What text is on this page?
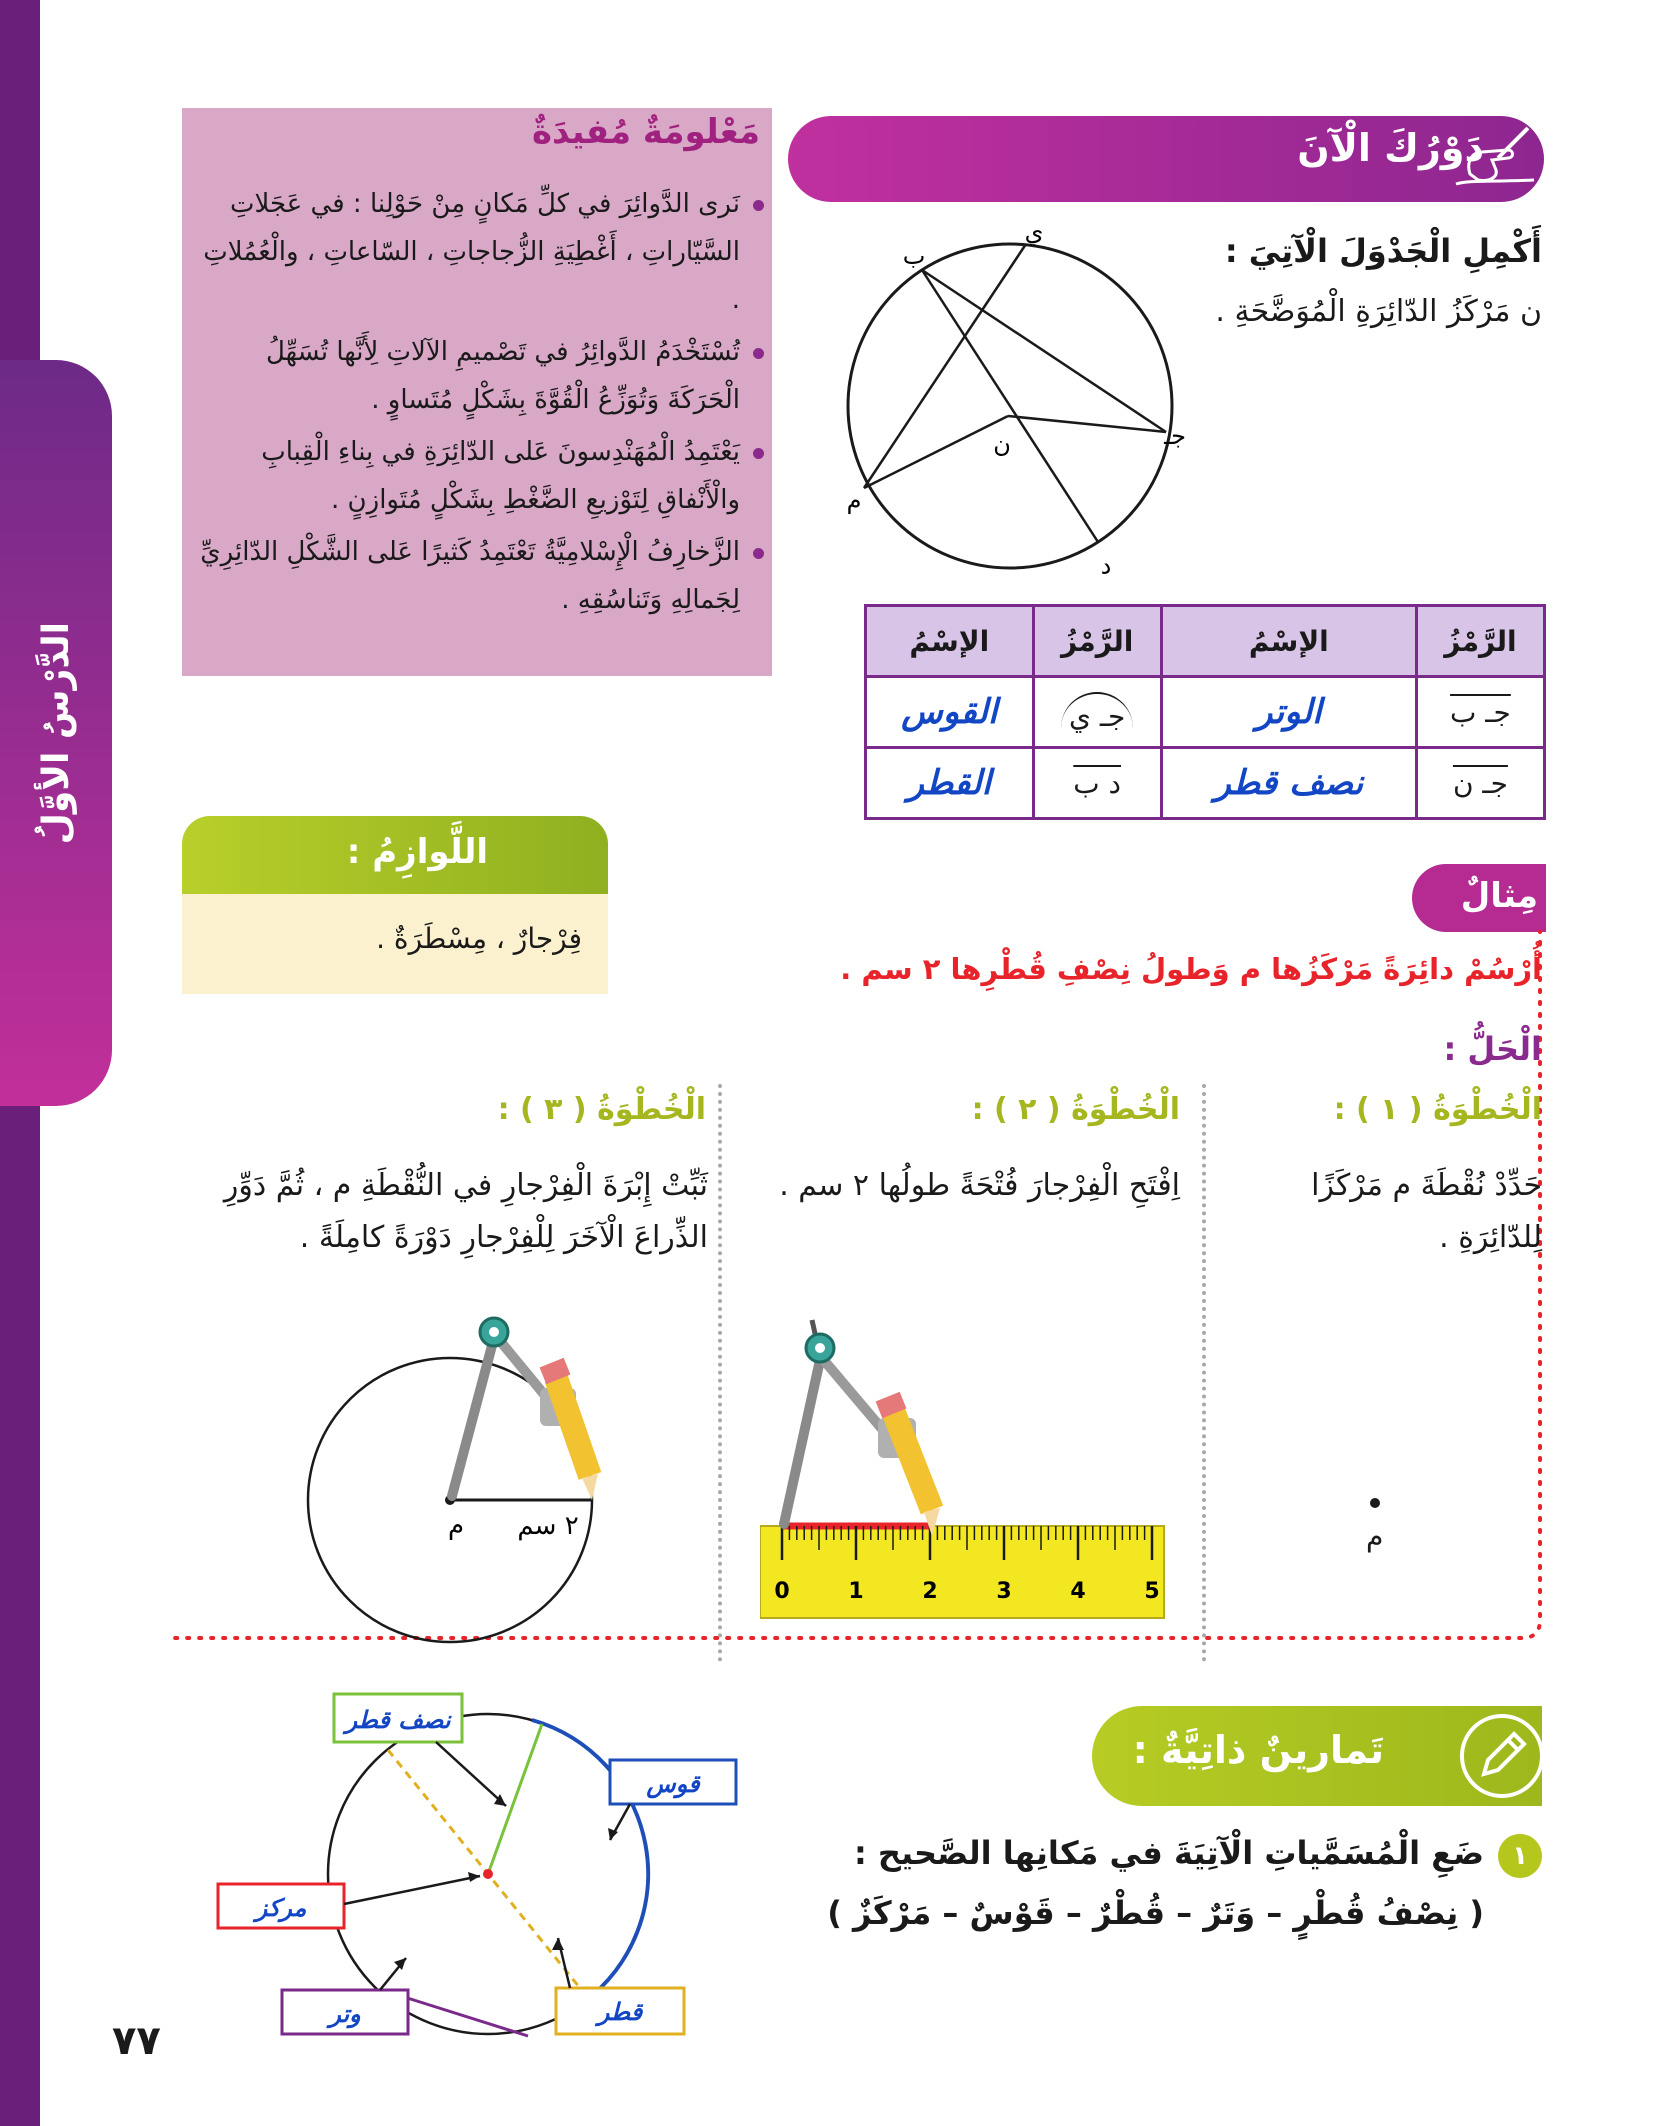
الدَّرْسُ الأوَّلُ
مَعْلومَةٌ مُفيدَةٌ
نَرى الدَّوائِرَ في كلِّ مَكانٍ مِنْ حَوْلِنا : في عَجَلاتِ السَّيّاراتِ ، أَغْطِيَةِ الزُّجاجاتِ ، السّاعاتِ ، والْعُمُلاتِ .
تُسْتَخْدَمُ الدَّوائِرُ في تَصْميمِ الآلاتِ لِأَنَّها تُسَهِّلُ الْحَرَكَةَ وَتُوَزِّعُ الْقُوَّةَ بِشَكْلٍ مُتَساوٍ .
يَعْتَمِدُ الْمُهَنْدِسونَ عَلى الدّائِرَةِ في بِناءِ الْقِبابِ والْأَنْفاقِ لِتَوْزيعِ الضَّغْطِ بِشَكْلٍ مُتَوازِنٍ .
الزَّخارِفُ الْإِسْلامِيَّةُ تَعْتَمِدُ كَثيرًا عَلى الشَّكْلِ الدّائِرِيِّ لِجَمالِهِ وَتَناسُقِهِ .
دَوْرُكَ الْآنَ
أَكْمِلِ الْجَدْوَلَ الْآتِيَ :
ن مَرْكَزُ الدّائِرَةِ الْمُوَضَّحَةِ .
ب
ي
جـ
ن
م
د
الرَّمْزُ	الإسْمُ	الرَّمْزُ	الإسْمُ
جـ ب	الوتر	جـ ي	القوس
جـ ن	نصف قطر	د ب	القطر
اللَّوازِمُ :
فِرْجارٌ ، مِسْطَرَةٌ .
مِثالٌ
أُرْسُمْ دائِرَةً مَرْكَزُها م وَطولُ نِصْفِ قُطْرِها ٢ سم .
الْحَلُّ :
الْخُطْوَةُ ( ١ ) :
حَدِّدْ نُقْطَةَ م مَرْكَزًا لِلدّائِرَةِ .
م
الْخُطْوَةُ ( ٢ ) :
اِفْتَحِ الْفِرْجارَ فُتْحَةً طولُها ٢ سم .
0	1	2	3	4	5
الْخُطْوَةُ ( ٣ ) :
ثَبِّتْ إِبْرَةَ الْفِرْجارِ في النُّقْطَةِ م ، ثُمَّ دَوِّرِ الذِّراعَ الْآخَرَ لِلْفِرْجارِ دَوْرَةً كامِلَةً .
م ٢ سم
تَمارينٌ ذاتِيَّةٌ :
١
ضَعِ الْمُسَمَّياتِ الْآتِيَةَ في مَكانِها الصَّحيح :
( نِصْفُ قُطْرٍ – وَتَرٌ – قُطْرٌ – قَوْسٌ – مَرْكَزٌ )
نصف قطر
قوس
مركز
وتر	قطر
٧٧
